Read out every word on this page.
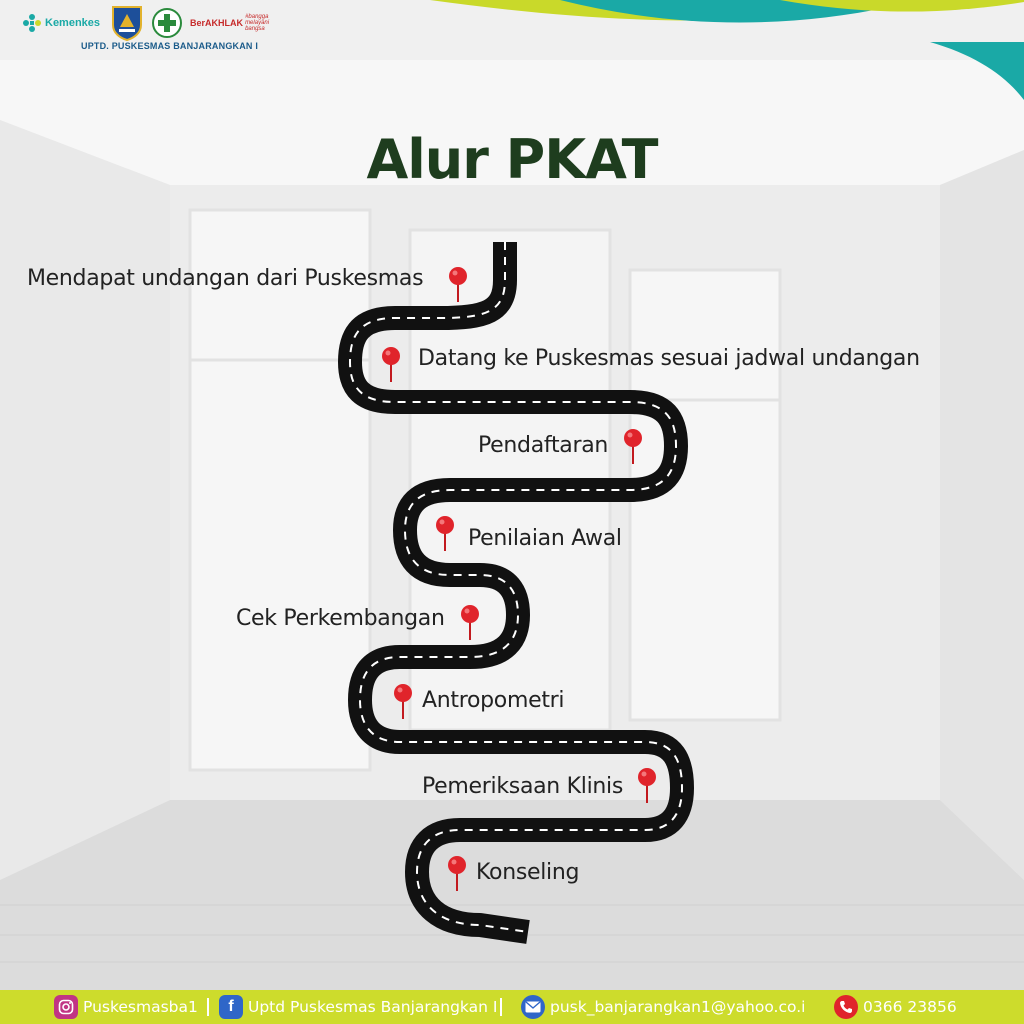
Kemenkes	BerAKHLAK
#bangga melayani bangsa
UPTD. PUSKESMAS BANJARANGKAN I
Alur PKAT
Mendapat undangan dari Puskesmas
Datang ke Puskesmas sesuai jadwal undangan
Pendaftaran
Penilaian Awal
Cek Perkembangan
Antropometri
Pemeriksaan Klinis
Konseling
Puskesmasba1 f Uptd Puskesmas Banjarangkan I	pusk_banjarangkan1@yahoo.co.i	0366 23856
